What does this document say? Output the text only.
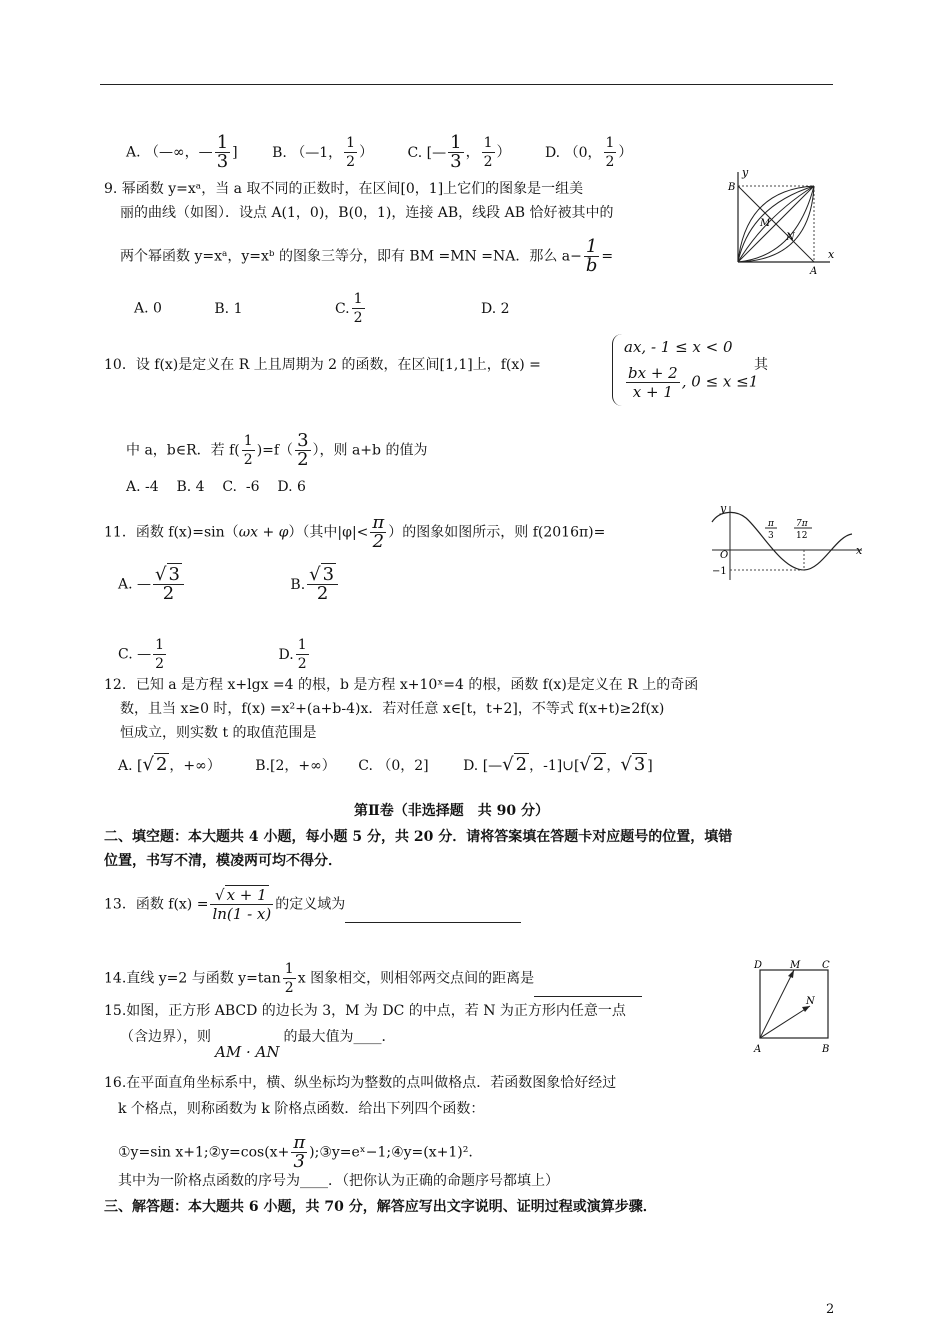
A. （—∞，— $\frac{1}{3}$ ] B. （—1， $\frac{1}{2}$ ） C. [— $\frac{1}{3}$ ， $\frac{1}{2}$ ） D. （0， $\frac{1}{2}$ ）
9. 幂函数 y=xᵃ，当 a 取不同的正数时，在区间[0，1]上它们的图象是一组美
丽的曲线（如图）．设点 A(1，0)，B(0，1)，连接 AB，线段 AB 恰好被其中的
两个幂函数 y=xᵃ，y=xᵇ 的图象三等分，即有 BM =MN =NA．那么 $a- \frac{1}{b}$ =
A. 0	B. 1	C. $\frac{1}{2}$	D. 2
x
y
B
A
M
N
10．设 f(x)是定义在 R 上且周期为 2 的函数，在区间[1,1]上，f(x) =
ax, - 1 ≤ x < 0
$\frac{bx + 2}{x + 1}$ , 0 ≤ x ≤1
其
中 a，b∈R．若 $f( \frac{1}{2} )=f( \frac{3}{2}$ ），则 a+b 的值为
A. -4    B. 4    C.  -6    D. 6
11．函数 f(x)=sin（ωx + φ）（其中$|\varphi|< \frac{\pi}{2}$ ）的图象如图所示，则 f(2016π)=
A. — $\frac{√ 3}{2}$	B. $\frac{√ 3}{2}$
C. — $\frac{1}{2}$	D. $\frac{1}{2}$
x
y
O
−1
π
3
7π
12
12．已知 a 是方程 x+lgx =4 的根，b 是方程 x+10ˣ=4 的根，函数 f(x)是定义在 R 上的奇函
数，且当 x≥0 时，f(x) =x²+(a+b-4)x．若对任意 x∈[t，t+2]，不等式 f(x+t)≥2f(x)
恒成立，则实数 t 的取值范围是
A. [√ 2 ，+∞） B.[2，+∞） C. （0，2] D. [—√ 2 ，-1]∪[√ 2 ，√ 3 ]
第Ⅱ卷（非选择题　共 90 分）
二、填空题：本大题共 4 小题，每小题 5 分，共 20 分．请将答案填在答题卡对应题号的位置，填错
位置，书写不清，模凌两可均不得分．
13．函数 $f(x) = \frac{√ x + 1}{\ln(1 - x)}$ 的定义域为
14.直线 y=2 与函数 $y=\tan \frac{1}{2}$ x 图象相交，则相邻两交点间的距离是
15.如图，正方形 ABCD 的边长为 3，M 为 DC 的中点，若 N 为正方形内任意一点
（含边界），则AM · AN的最大值为____．
D	M C
N
A	B
16.在平面直角坐标系中，横、纵坐标均为整数的点叫做格点．若函数图象恰好经过
k 个格点，则称函数为 k 阶格点函数．给出下列四个函数：
①y=sin x+1;②y=cos(x+ $\frac{\pi}{3}$ );③y=eˣ−1;④y=(x+1)².
其中为一阶格点函数的序号为____．（把你认为正确的命题序号都填上）
三、解答题：本大题共 6 小题，共 70 分，解答应写出文字说明、证明过程或演算步骤．
2
